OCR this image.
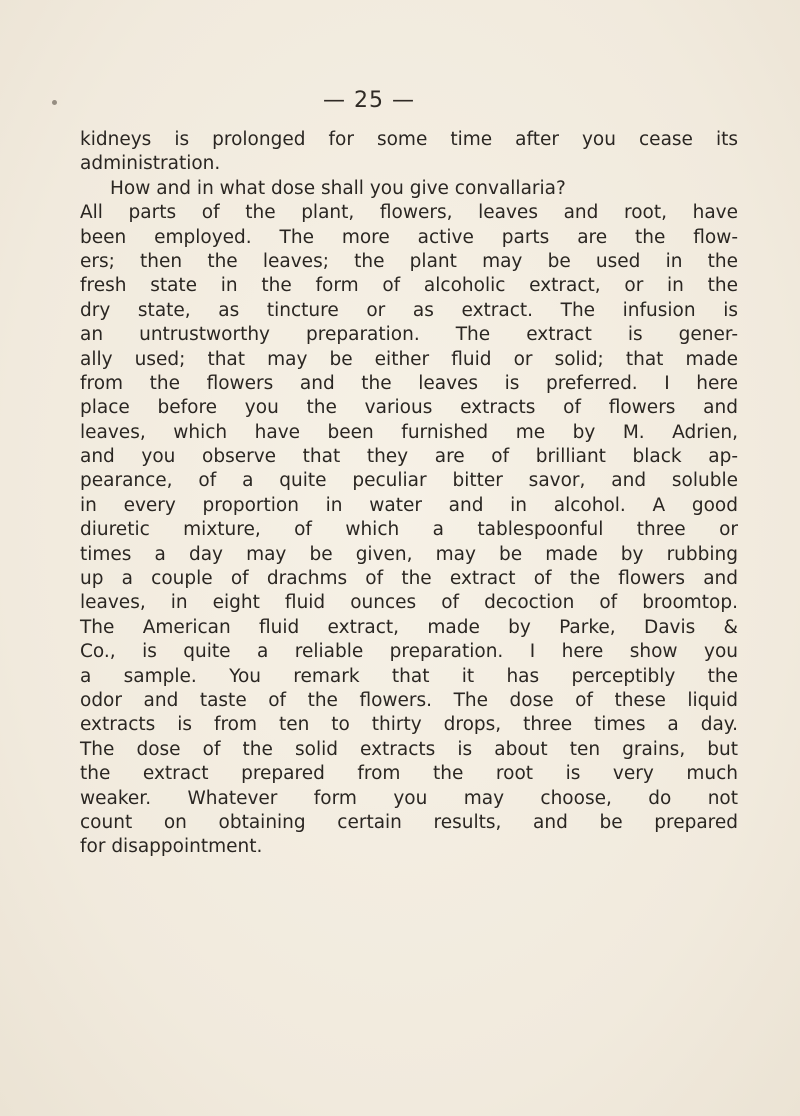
— 25 —
kidneys is prolonged for some time after you cease its
administration.
How and in what dose shall you give convallaria?
All parts of the plant, flowers, leaves and root, have
been employed. The more active parts are the flow-
ers; then the leaves; the plant may be used in the
fresh state in the form of alcoholic extract, or in the
dry state, as tincture or as extract. The infusion is
an untrustworthy preparation. The extract is gener-
ally used; that may be either fluid or solid; that made
from the flowers and the leaves is preferred. I here
place before you the various extracts of flowers and
leaves, which have been furnished me by M. Adrien,
and you observe that they are of brilliant black ap-
pearance, of a quite peculiar bitter savor, and soluble
in every proportion in water and in alcohol. A good
diuretic mixture, of which a tablespoonful three or
times a day may be given, may be made by rubbing
up a couple of drachms of the extract of the flowers and
leaves, in eight fluid ounces of decoction of broomtop.
The American fluid extract, made by Parke, Davis &
Co., is quite a reliable preparation. I here show you
a sample. You remark that it has perceptibly the
odor and taste of the flowers. The dose of these liquid
extracts is from ten to thirty drops, three times a day.
The dose of the solid extracts is about ten grains, but
the extract prepared from the root is very much
weaker. Whatever form you may choose, do not
count on obtaining certain results, and be prepared
for disappointment.
